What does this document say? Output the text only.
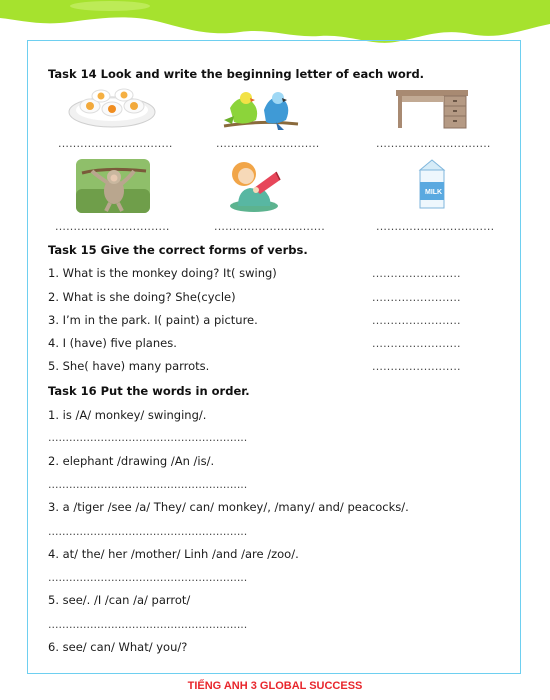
Task 14 Look and write the beginning letter of each word.
...............................	............................	...............................
MILK
...............................	..............................	................................
Task 15 Give the correct forms of verbs.
1. What is the monkey doing? It( swing)	........................
2. What is she doing? She(cycle)	........................
3. I’m in the park. I( paint) a picture.	........................
4. I (have) five planes.	........................
5. She( have) many parrots.	........................
Task 16 Put the words in order.
1. is /A/ monkey/ swinging/.
.........................................................
2. elephant /drawing /An /is/.
.........................................................
3. a /tiger /see /a/ They/ can/ monkey/, /many/ and/ peacocks/.
.........................................................
4. at/ the/ her /mother/ Linh /and /are /zoo/.
.........................................................
5. see/. /I /can /a/ parrot/
.........................................................
6. see/ can/ What/ you/?
TIẾNG ANH 3 GLOBAL SUCCESS
